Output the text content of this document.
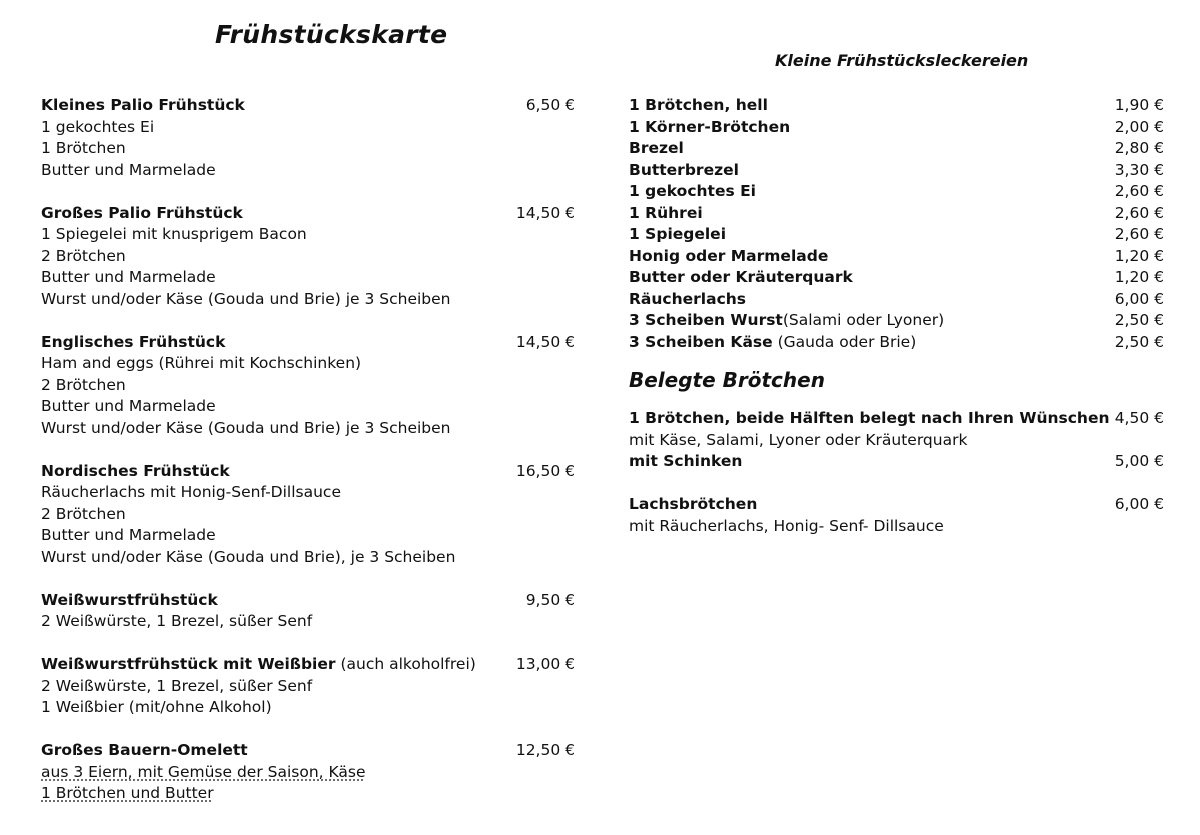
Frühstückskarte
Kleine Frühstücksleckereien
Kleines Palio Frühstück	6,50 €
1 gekochtes Ei
1 Brötchen
Butter und Marmelade
Großes Palio Frühstück	14,50 €
1 Spiegelei mit knusprigem Bacon
2 Brötchen
Butter und Marmelade
Wurst und/oder Käse (Gouda und Brie) je 3 Scheiben
Englisches Frühstück	14,50 €
Ham and eggs (Rührei mit Kochschinken)
2 Brötchen
Butter und Marmelade
Wurst und/oder Käse (Gouda und Brie) je 3 Scheiben
Nordisches Frühstück	16,50 €
Räucherlachs mit Honig-Senf-Dillsauce
2 Brötchen
Butter und Marmelade
Wurst und/oder Käse (Gouda und Brie), je 3 Scheiben
Weißwurstfrühstück	9,50 €
2 Weißwürste, 1 Brezel, süßer Senf
Weißwurstfrühstück mit Weißbier (auch alkoholfrei)	13,00 €
2 Weißwürste, 1 Brezel, süßer Senf
1 Weißbier (mit/ohne Alkohol)
Großes Bauern-Omelett	12,50 €
aus 3 Eiern, mit Gemüse der Saison, Käse
1 Brötchen und Butter
1 Brötchen, hell	1,90 €
1 Körner-Brötchen	2,00 €
Brezel	2,80 €
Butterbrezel	3,30 €
1 gekochtes Ei	2,60 €
1 Rührei	2,60 €
1 Spiegelei	2,60 €
Honig oder Marmelade	1,20 €
Butter oder Kräuterquark	1,20 €
Räucherlachs	6,00 €
3 Scheiben Wurst(Salami oder Lyoner)	2,50 €
3 Scheiben Käse (Gauda oder Brie)	2,50 €
Belegte Brötchen
1 Brötchen, beide Hälften belegt nach Ihren Wünschen 4,50 €
mit Käse, Salami, Lyoner oder Kräuterquark
mit Schinken	5,00 €
Lachsbrötchen	6,00 €
mit Räucherlachs, Honig- Senf- Dillsauce
